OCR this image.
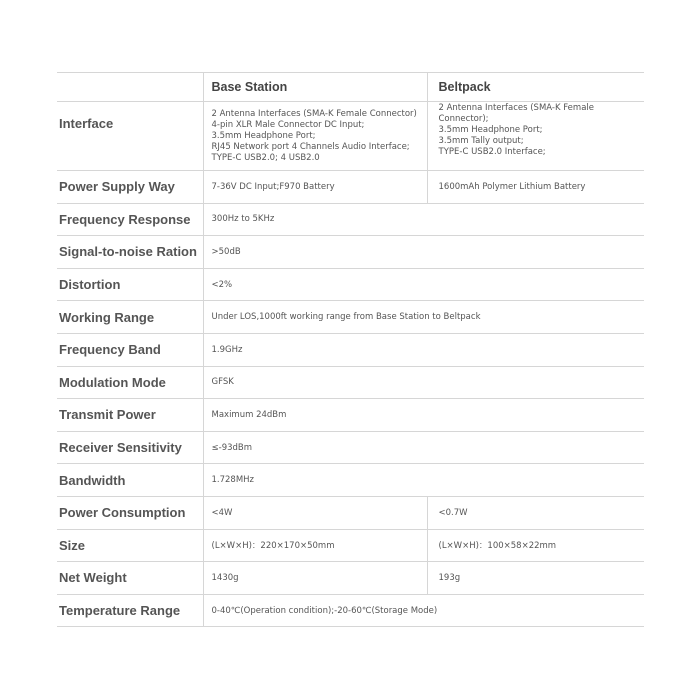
	Base Station	Beltpack
Interface	2 Antenna Interfaces (SMA-K Female Connector)
4-pin XLR Male Connector DC Input;
3.5mm Headphone Port;
RJ45 Network port 4 Channels Audio Interface;
TYPE-C USB2.0; 4 USB2.0	2 Antenna Interfaces (SMA-K Female Connector);
3.5mm Headphone Port;
3.5mm Tally output;
TYPE-C USB2.0 Interface;

Power Supply Way	7-36V DC Input;F970 Battery	1600mAh Polymer Lithium Battery
Frequency Response	300Hz to 5KHz	
Signal-to-noise Ration	>50dB	
Distortion	<2%	
Working Range	Under LOS,1000ft working range from Base Station to Beltpack	
Frequency Band	1.9GHz	
Modulation Mode	GFSK	
Transmit Power	Maximum 24dBm	
Receiver Sensitivity	≤-93dBm	
Bandwidth	1.728MHz	
Power Consumption	<4W	<0.7W
Size	(L×W×H)：220×170×50mm	(L×W×H)：100×58×22mm
Net Weight	1430g	193g
Temperature Range	0-40℃(Operation condition);-20-60℃(Storage Mode)	
